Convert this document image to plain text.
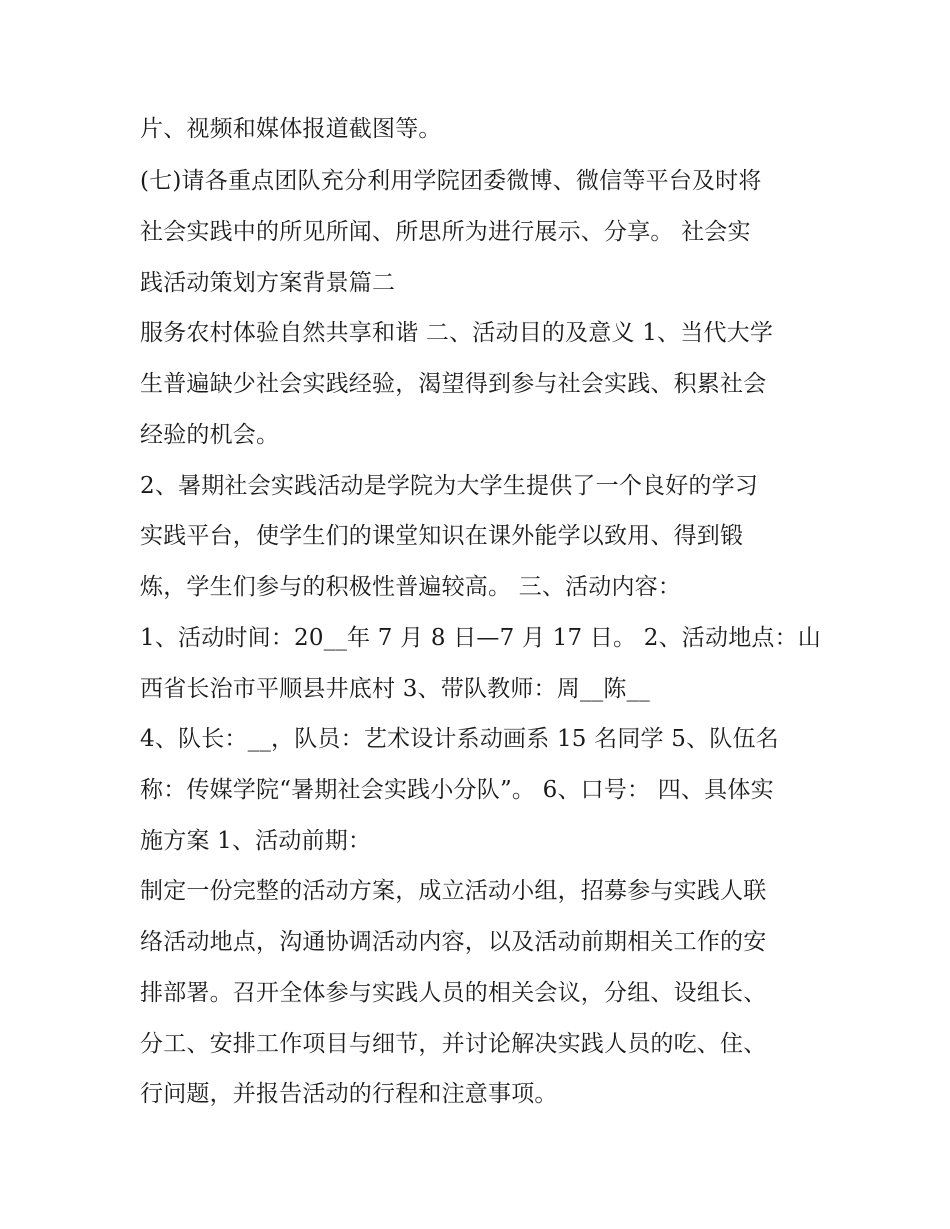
片、视频和媒体报道截图等。
(七)请各重点团队充分利用学院团委微博、微信等平台及时将
社会实践中的所见所闻、所思所为进行展示、分享。 社会实
践活动策划方案背景篇二
服务农村体验自然共享和谐 二、活动目的及意义 1、当代大学
生普遍缺少社会实践经验，渴望得到参与社会实践、积累社会
经验的机会。
2、暑期社会实践活动是学院为大学生提供了一个良好的学习
实践平台，使学生们的课堂知识在课外能学以致用、得到锻
炼，学生们参与的积极性普遍较高。 三、活动内容：
1、活动时间：20__年 7 月 8 日—7 月 17 日。 2、活动地点：山
西省长治市平顺县井底村 3、带队教师：周__陈__
4、队长：__，队员：艺术设计系动画系 15 名同学 5、队伍名
称：传媒学院“暑期社会实践小分队”。 6、口号： 四、具体实
施方案 1、活动前期：
制定一份完整的活动方案，成立活动小组，招募参与实践人联
络活动地点，沟通协调活动内容，以及活动前期相关工作的安
排部署。召开全体参与实践人员的相关会议，分组、设组长、
分工、安排工作项目与细节，并讨论解决实践人员的吃、住、
行问题，并报告活动的行程和注意事项。
